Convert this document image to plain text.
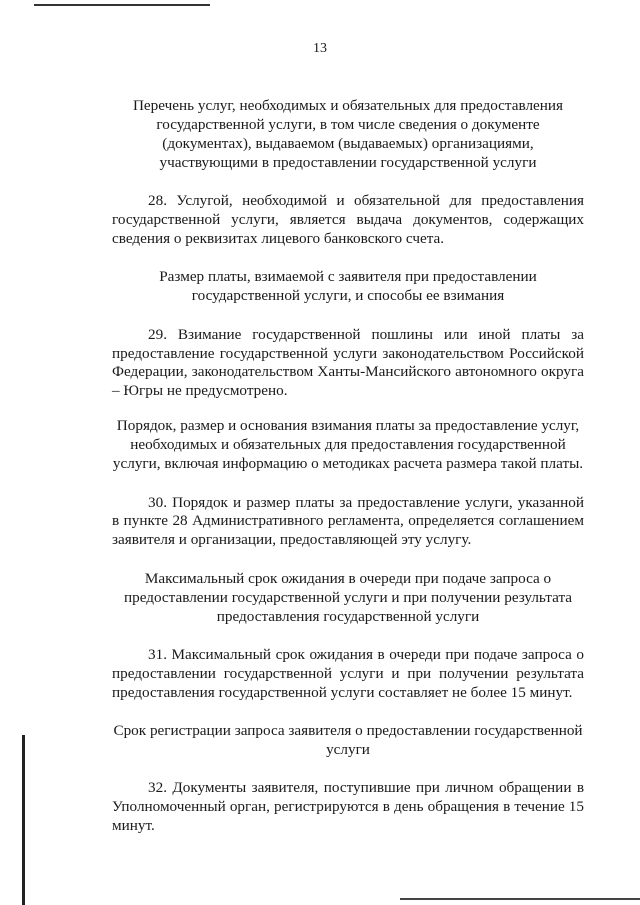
13

Перечень услуг, необходимых и обязательных для предоставления государственной услуги, в том числе сведения о документе (документах), выдаваемом (выдаваемых) организациями, участвующими в предоставлении государственной услуги

28. Услугой, необходимой и обязательной для предоставления государственной услуги, является выдача документов, содержащих сведения о реквизитах лицевого банковского счета.

Размер платы, взимаемой с заявителя при предоставлении государственной услуги, и способы ее взимания

29. Взимание государственной пошлины или иной платы за предоставление государственной услуги законодательством Российской Федерации, законодательством Ханты-Мансийского автономного округа – Югры не предусмотрено.

Порядок, размер и основания взимания платы за предоставление услуг, необходимых и обязательных для предоставления государственной услуги, включая информацию о методиках расчета размера такой платы.

30. Порядок и размер платы за предоставление услуги, указанной в пункте 28 Административного регламента, определяется соглашением заявителя и организации, предоставляющей эту услугу.

Максимальный срок ожидания в очереди при подаче запроса о предоставлении государственной услуги и при получении результата предоставления государственной услуги

31. Максимальный срок ожидания в очереди при подаче запроса о предоставлении государственной услуги и при получении результата предоставления государственной услуги составляет не более 15 минут.

Срок регистрации запроса заявителя о предоставлении государственной услуги

32. Документы заявителя, поступившие при личном обращении в Уполномоченный орган, регистрируются в день обращения в течение 15 минут.
